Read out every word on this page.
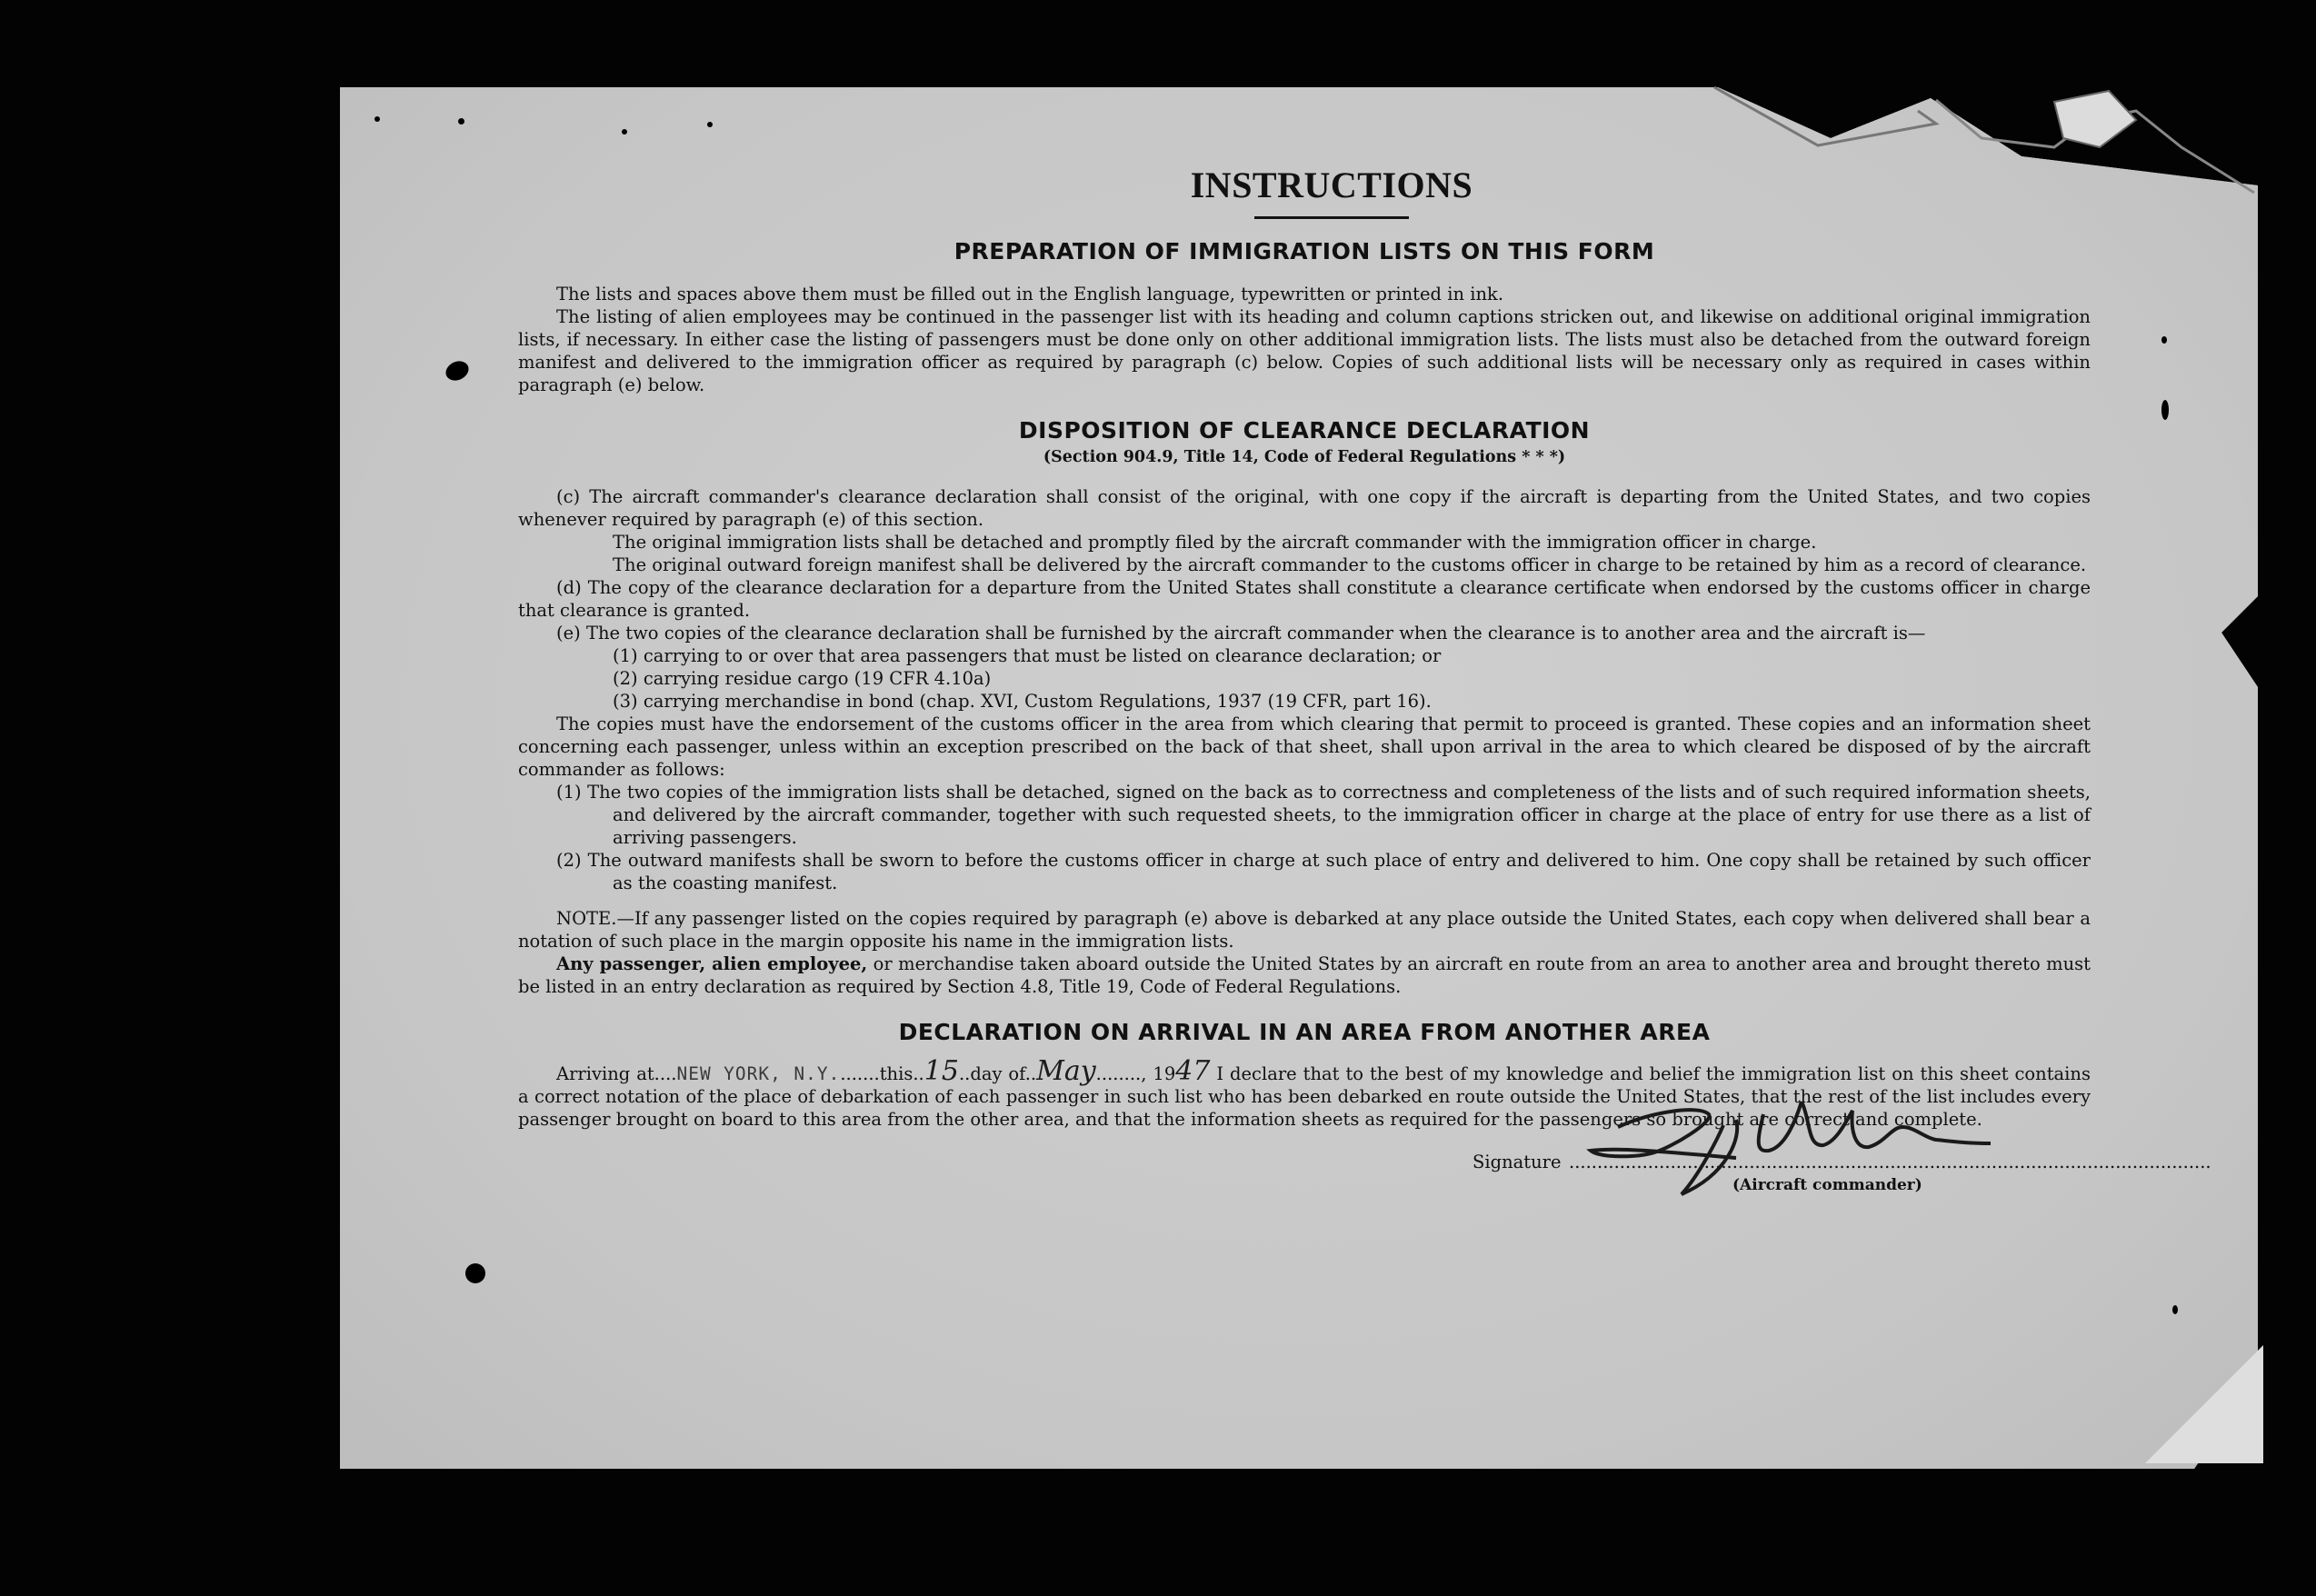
INSTRUCTIONS
PREPARATION OF IMMIGRATION LISTS ON THIS FORM

The lists and spaces above them must be filled out in the English language, typewritten or printed in ink.

The listing of alien employees may be continued in the passenger list with its heading and column captions stricken out, and likewise on additional original immigration lists, if necessary. In either case the listing of passengers must be done only on other additional immigration lists. The lists must also be detached from the outward foreign manifest and delivered to the immigration officer as required by paragraph (c) below. Copies of such additional lists will be necessary only as required in cases within paragraph (e) below.

DISPOSITION OF CLEARANCE DECLARATION
(Section 904.9, Title 14, Code of Federal Regulations * * *)

(c) The aircraft commander's clearance declaration shall consist of the original, with one copy if the aircraft is departing from the United States, and two copies whenever required by paragraph (e) of this section.

The original immigration lists shall be detached and promptly filed by the aircraft commander with the immigration officer in charge.

The original outward foreign manifest shall be delivered by the aircraft commander to the customs officer in charge to be retained by him as a record of clearance.

(d) The copy of the clearance declaration for a departure from the United States shall constitute a clearance certificate when endorsed by the customs officer in charge that clearance is granted.

(e) The two copies of the clearance declaration shall be furnished by the aircraft commander when the clearance is to another area and the aircraft is—

(1) carrying to or over that area passengers that must be listed on clearance declaration; or

(2) carrying residue cargo (19 CFR 4.10a)

(3) carrying merchandise in bond (chap. XVI, Custom Regulations, 1937 (19 CFR, part 16).

The copies must have the endorsement of the customs officer in the area from which clearing that permit to proceed is granted. These copies and an information sheet concerning each passenger, unless within an exception prescribed on the back of that sheet, shall upon arrival in the area to which cleared be disposed of by the aircraft commander as follows:

(1) The two copies of the immigration lists shall be detached, signed on the back as to correctness and completeness of the lists and of such required information sheets, and delivered by the aircraft commander, together with such requested sheets, to the immigration officer in charge at the place of entry for use there as a list of arriving passengers.

(2) The outward manifests shall be sworn to before the customs officer in charge at such place of entry and delivered to him. One copy shall be retained by such officer as the coasting manifest.

NOTE.—If any passenger listed on the copies required by paragraph (e) above is debarked at any place outside the United States, each copy when delivered shall bear a notation of such place in the margin opposite his name in the immigration lists.

Any passenger, alien employee, or merchandise taken aboard outside the United States by an aircraft en route from an area to another area and brought thereto must be listed in an entry declaration as required by Section 4.8, Title 19, Code of Federal Regulations.

DECLARATION ON ARRIVAL IN AN AREA FROM ANOTHER AREA

Arriving at....NEW YORK, N.Y........this..15..day of..May........, 1947 I declare that to the best of my knowledge and belief the immigration list on this sheet contains a correct notation of the place of debarkation of each passenger in such list who has been debarked en route outside the United States, that the rest of the list includes every passenger brought on board to this area from the other area, and that the information sheets as required for the passengers so brought are correct and complete.

Signature ..................................................................................................................
(Aircraft commander)
